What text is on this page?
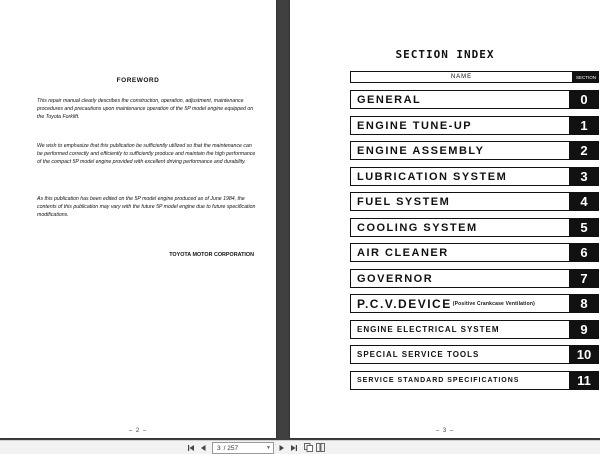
FOREWORD
This repair manual clearly describes the construction, operation, adjustment, maintenance procedures and precautions upon maintenance operation of the 5P model engine equipped on the Toyota Forklift.
We wish to emphasize that this publication be sufficiently utilized so that the maintenance can be performed correctly and efficiently to sufficiently produce and maintain the high performance of the compact 5P model engine provided with excellent driving performance and durability.
As this publication has been edited on the 5P model engine produced as of June 1984, the contents of this publication may vary with the future 5P model engine due to future specification modifications.
TOYOTA MOTOR CORPORATION
– 2 –
SECTION INDEX
NAME	SECTION
GENERAL	0
ENGINE TUNE-UP	1
ENGINE ASSEMBLY	2
LUBRICATION SYSTEM	3
FUEL SYSTEM	4
COOLING SYSTEM	5
AIR CLEANER	6
GOVERNOR	7
P.C.V.DEVICE (Positive Crankcase Ventilation)	8
ENGINE ELECTRICAL SYSTEM	9
SPECIAL SERVICE TOOLS	10
SERVICE STANDARD SPECIFICATIONS	11
– 3 –
3 / 257	▼
